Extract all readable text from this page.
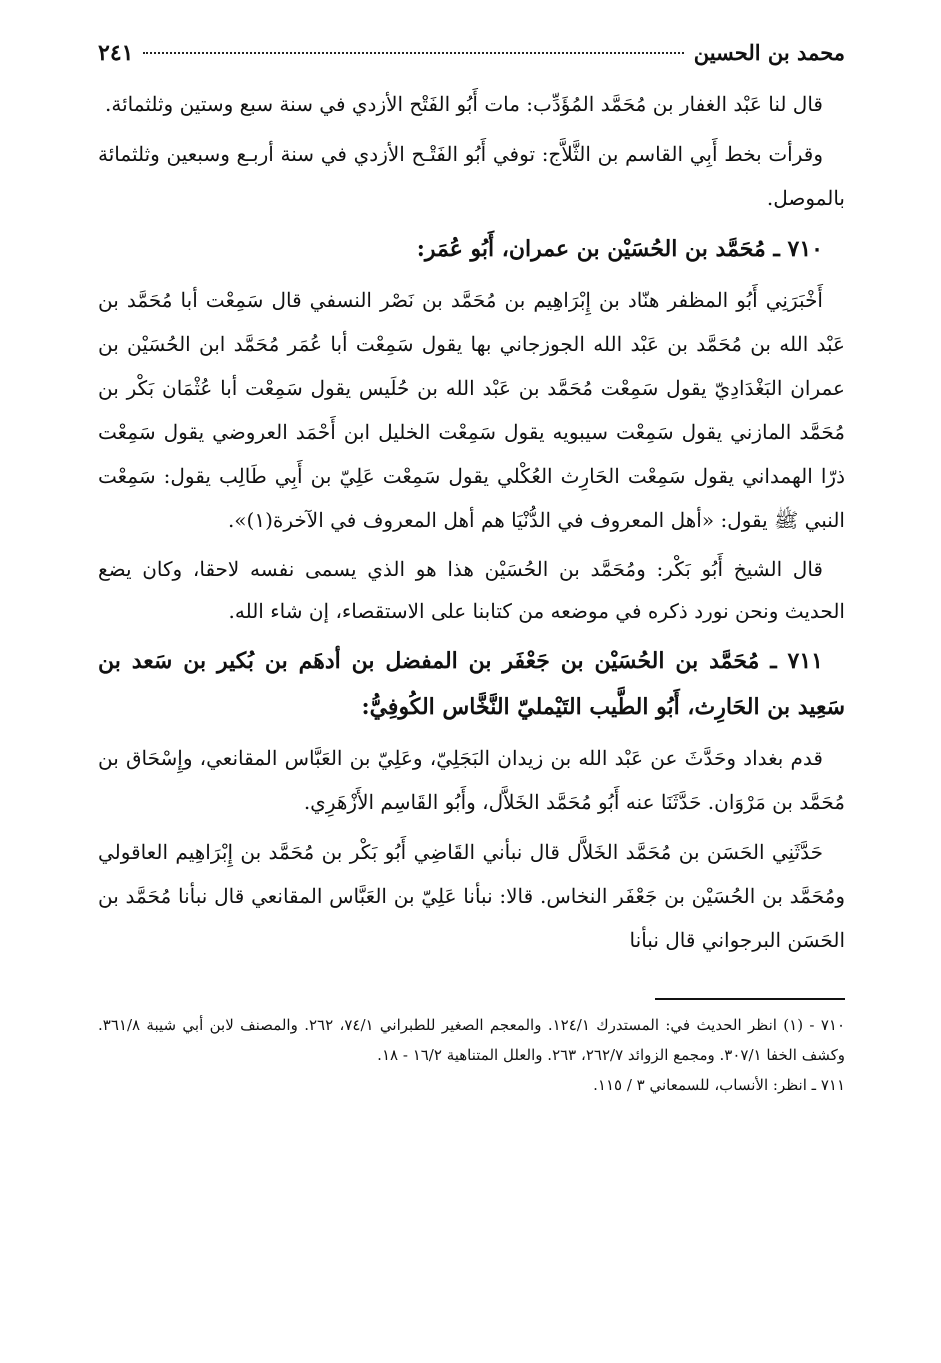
محمد بن الحسين
٢٤١

قال لنا عَبْد الغفار بن مُحَمَّد المُؤَدِّب: مات أَبُو الفَتْح الأزدي في سنة سبع وستين وثلثمائة.

وقرأت بخط أَبِي القاسم بن الثَّلاَّج: توفي أَبُو الفَتْـح الأزدي في سنة أربـع وسبعين وثلثمائة بالموصل.

٧١٠ ـ مُحَمَّد بن الحُسَيْن بن عمران، أَبُو عُمَر:

أَخْبَرَنِي أَبُو المظفر هنّاد بن إِبْرَاهِيم بن مُحَمَّد بن نَصْر النسفي قال سَمِعْت أبا مُحَمَّد بن عَبْد الله بن مُحَمَّد بن عَبْد الله الجوزجاني بها يقول سَمِعْت أبا عُمَر مُحَمَّد ابن الحُسَيْن بن عمران البَغْدَادِيّ يقول سَمِعْت مُحَمَّد بن عَبْد الله بن حُلَيس يقول سَمِعْت أبا عُثْمَان بَكْر بن مُحَمَّد المازني يقول سَمِعْت سيبويه يقول سَمِعْت الخليل ابن أَحْمَد العروضي يقول سَمِعْت ذرّا الهمداني يقول سَمِعْت الحَارِث العُكْلي يقول سَمِعْت عَلِيّ بن أَبِي طَالِب يقول: سَمِعْت النبي ﷺ يقول: «أهل المعروف في الدُّنْيَا هم أهل المعروف في الآخرة(١)».

قال الشيخ أَبُو بَكْر: ومُحَمَّد بن الحُسَيْن هذا هو الذي يسمى نفسه لاحقا، وكان يضع الحديث ونحن نورد ذكره في موضعه من كتابنا على الاستقصاء، إن شاء الله.

٧١١ ـ مُحَمَّد بن الحُسَيْن بن جَعْفَر بن المفضل بن أدهَم بن بُكير بن سَعد بن سَعِيد بن الحَارِث، أَبُو الطَّيب التَيْمليّ النَّخَّاس الكُوفِيُّ:

قدم بغداد وحَدَّثَ عن عَبْد الله بن زيدان البَجَلِيّ، وعَلِيّ بن العَبَّاس المقانعي، وإِسْحَاق بن مُحَمَّد بن مَرْوَان. حَدَّثَنَا عنه أَبُو مُحَمَّد الخَلاَّل، وأَبُو القَاسِم الأَزْهَرِي.

حَدَّثَنِي الحَسَن بن مُحَمَّد الخَلاَّل قال نبأني القَاضِي أَبُو بَكْر بن مُحَمَّد بن إِبْرَاهِيم العاقولي ومُحَمَّد بن الحُسَيْن بن جَعْفَر النخاس. قالا: نبأنا عَلِيّ بن العَبَّاس المقانعي قال نبأنا مُحَمَّد بن الحَسَن البرجواني قال نبأنا

٧١٠ - (١) انظر الحديث في: المستدرك ١٢٤/١. والمعجم الصغير للطبراني ٧٤/١، ٢٦٢. والمصنف لابن أبي شيبة ٣٦١/٨. وكشف الخفا ٣٠٧/١. ومجمع الزوائد ٢٦٢/٧، ٢٦٣. والعلل المتناهية ١٦/٢ - ١٨.

٧١١ ـ انظر: الأنساب، للسمعاني ٣ / ١١٥.
